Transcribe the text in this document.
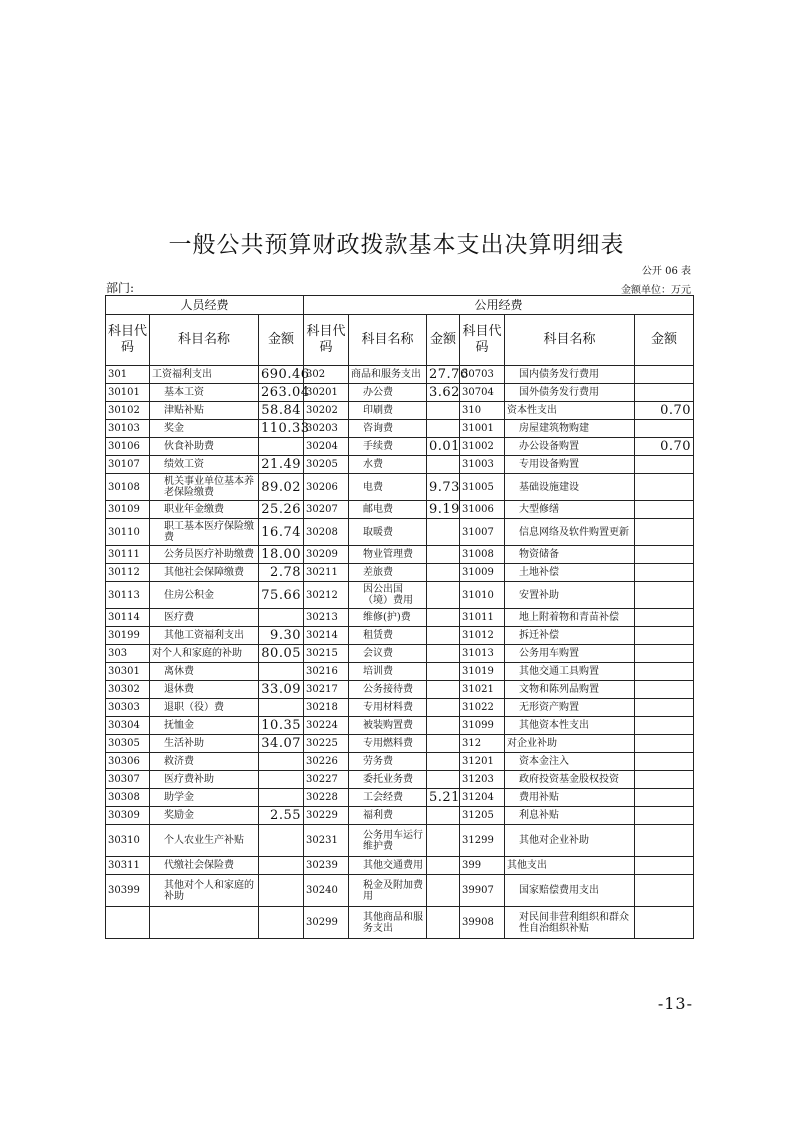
一般公共预算财政拨款基本支出决算明细表
公开 06 表
部门:	金额单位：万元
人员经费			公用经费					
科目代码	科目名称	金额	科目代码	科目名称	金额	科目代码	科目名称	金额
301	工资福利支出	690.46	302	商品和服务支出	27.76	30703	国内债务发行费用	
30101	基本工资	263.04	30201	办公费	3.62	30704	国外债务发行费用	
30102	津贴补贴	58.84	30202	印刷费		310	资本性支出	0.70
30103	奖金	110.33	30203	咨询费		31001	房屋建筑物购建	
30106	伙食补助费		30204	手续费	0.01	31002	办公设备购置	0.70
30107	绩效工资	21.49	30205	水费		31003	专用设备购置	
30108	机关事业单位基本养老保险缴费	89.02	30206	电费	9.73	31005	基础设施建设	
30109	职业年金缴费	25.26	30207	邮电费	9.19	31006	大型修缮	
30110	职工基本医疗保险缴费	16.74	30208	取暖费		31007	信息网络及软件购置更新	
30111	公务员医疗补助缴费	18.00	30209	物业管理费		31008	物资储备	
30112	其他社会保障缴费	2.78	30211	差旅费		31009	土地补偿	
30113	住房公积金	75.66	30212	因公出国（境）费用		31010	安置补助	
30114	医疗费		30213	维修(护)费		31011	地上附着物和青苗补偿	
30199	其他工资福利支出	9.30	30214	租赁费		31012	拆迁补偿	
303	对个人和家庭的补助	80.05	30215	会议费		31013	公务用车购置	
30301	离休费		30216	培训费		31019	其他交通工具购置	
30302	退休费	33.09	30217	公务接待费		31021	文物和陈列品购置	
30303	退职（役）费		30218	专用材料费		31022	无形资产购置	
30304	抚恤金	10.35	30224	被装购置费		31099	其他资本性支出	
30305	生活补助	34.07	30225	专用燃料费		312	对企业补助	
30306	救济费		30226	劳务费		31201	资本金注入	
30307	医疗费补助		30227	委托业务费		31203	政府投资基金股权投资	
30308	助学金		30228	工会经费	5.21	31204	费用补贴	
30309	奖励金	2.55	30229	福利费		31205	利息补贴	
30310	个人农业生产补贴		30231	公务用车运行维护费		31299	其他对企业补助	
30311	代缴社会保险费		30239	其他交通费用		399	其他支出	
30399	其他对个人和家庭的补助		30240	税金及附加费用		39907	国家赔偿费用支出	
			30299	其他商品和服务支出		39908	对民间非营利组织和群众性自治组织补贴	
-13-
